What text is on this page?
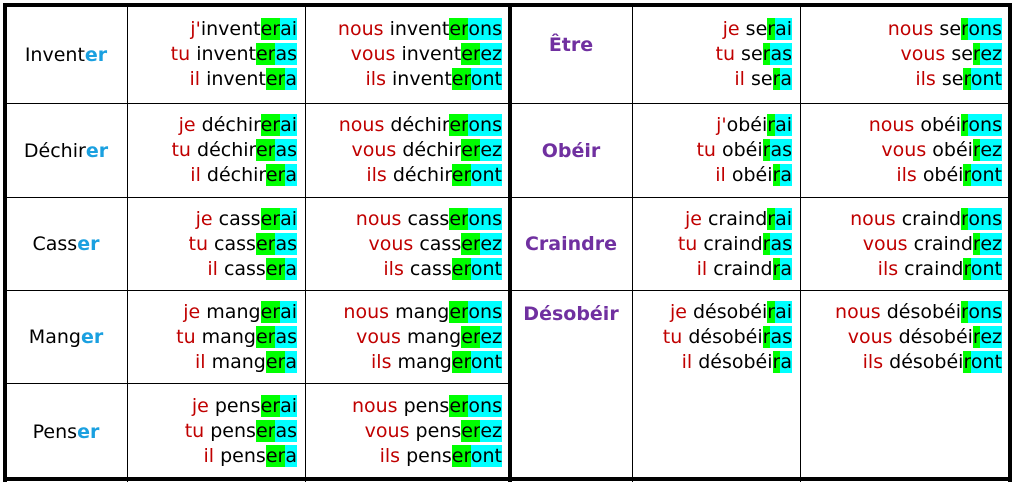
Invent er
j'inventerai
tu inventeras
il inventera
nous inventerons
vous inventerez
ils inventeront
Déchir er
je déchirerai
tu déchireras
il déchirera
nous déchirerons
vous déchirerez
ils déchireront
Cass er
je casserai
tu casseras
il cassera
nous casserons
vous casserez
ils casseront
Mang er
je mangerai
tu mangeras
il mangera
nous mangerons
vous mangerez
ils mangeront
Pens er
je penserai
tu penseras
il pensera
nous penserons
vous penserez
ils penseront
Être
je serai
tu seras
il sera
nous serons
vous serez
ils seront
Obéir
j'obéirai
tu obéiras
il obéira
nous obéirons
vous obéirez
ils obéiront
Craindre
je craindrai
tu craindras
il craindra
nous craindrons
vous craindrez
ils craindront
Désobéir	je désobéirai
tu désobéiras
il désobéira
nous désobéirons
vous désobéirez
ils désobéiront
